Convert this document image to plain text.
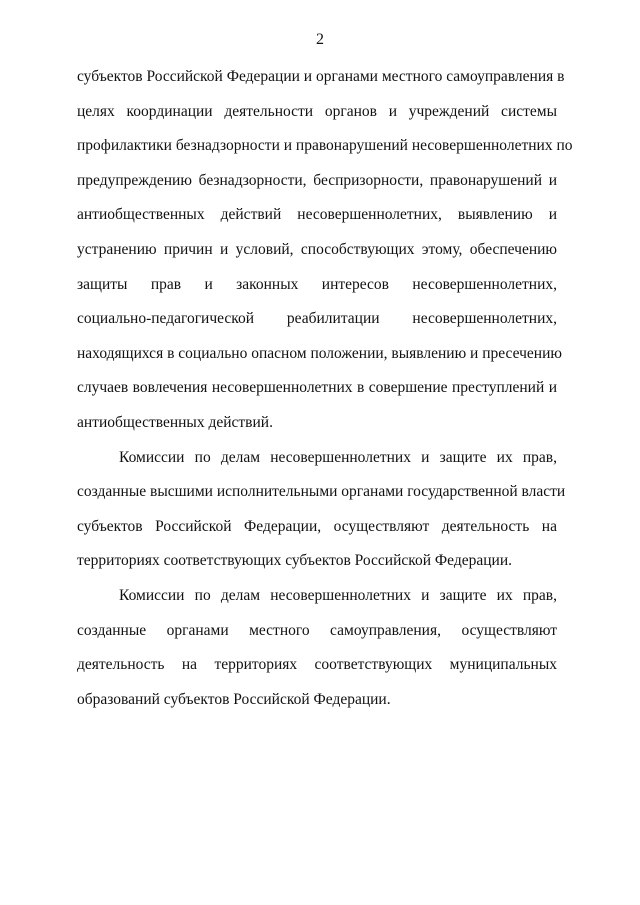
2
субъектов Российской Федерации и органами местного самоуправления в
целях координации деятельности органов и учреждений системы
профилактики безнадзорности и правонарушений несовершеннолетних по
предупреждению безнадзорности, беспризорности, правонарушений и
антиобщественных действий несовершеннолетних, выявлению и
устранению причин и условий, способствующих этому, обеспечению
защиты прав и законных интересов несовершеннолетних,
социально-педагогической реабилитации несовершеннолетних,
находящихся в социально опасном положении, выявлению и пресечению
случаев вовлечения несовершеннолетних в совершение преступлений и
антиобщественных действий.
Комиссии по делам несовершеннолетних и защите их прав,
созданные высшими исполнительными органами государственной власти
субъектов Российской Федерации, осуществляют деятельность на
территориях соответствующих субъектов Российской Федерации.
Комиссии по делам несовершеннолетних и защите их прав,
созданные органами местного самоуправления, осуществляют
деятельность на территориях соответствующих муниципальных
образований субъектов Российской Федерации.
